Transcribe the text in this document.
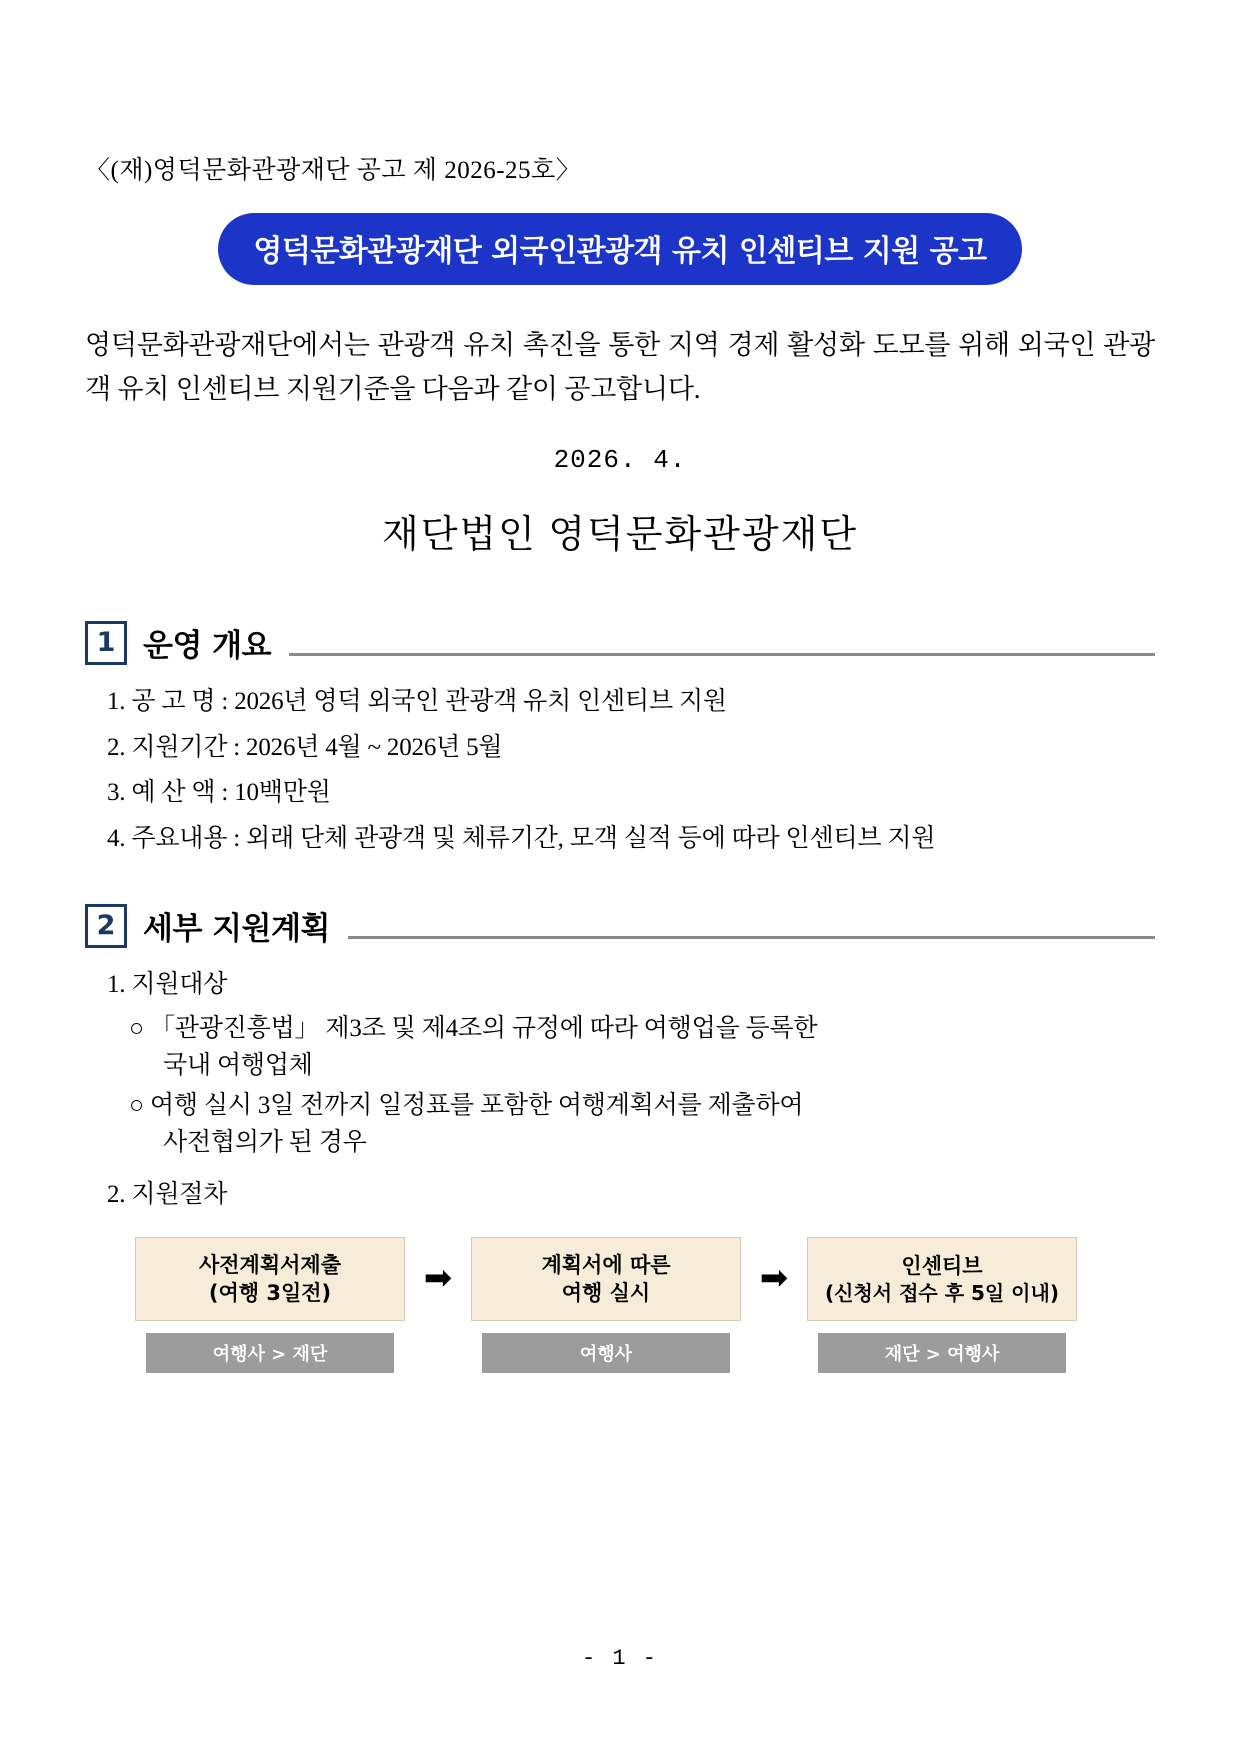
〈(재)영덕문화관광재단 공고 제 2026-25호〉
영덕문화관광재단 외국인관광객 유치 인센티브 지원 공고

영덕문화관광재단에서는 관광객 유치 촉진을 통한 지역 경제 활성화 도모를 위해 외국인 관광객 유치 인센티브 지원기준을 다음과 같이 공고합니다.

2026. 4.
재단법인 영덕문화관광재단
1 운영 개요
1. 공 고 명 : 2026년 영덕 외국인 관광객 유치 인센티브 지원
2. 지원기간 : 2026년 4월 ~ 2026년 5월
3. 예 산 액 : 10백만원
4. 주요내용 : 외래 단체 관광객 및 체류기간, 모객 실적 등에 따라 인센티브 지원
2 세부 지원계획
1. 지원대상
○ 「관광진흥법」 제3조 및 제4조의 규정에 따라 여행업을 등록한
국내 여행업체
○ 여행 실시 3일 전까지 일정표를 포함한 여행계획서를 제출하여
사전협의가 된 경우
2. 지원절차
사전계획서제출
(여행 3일전)
여행사 > 재단
➡	계획서에 따른
여행 실시
여행사
➡	인센티브
(신청서 접수 후 5일 이내)
재단 > 여행사
- 1 -
